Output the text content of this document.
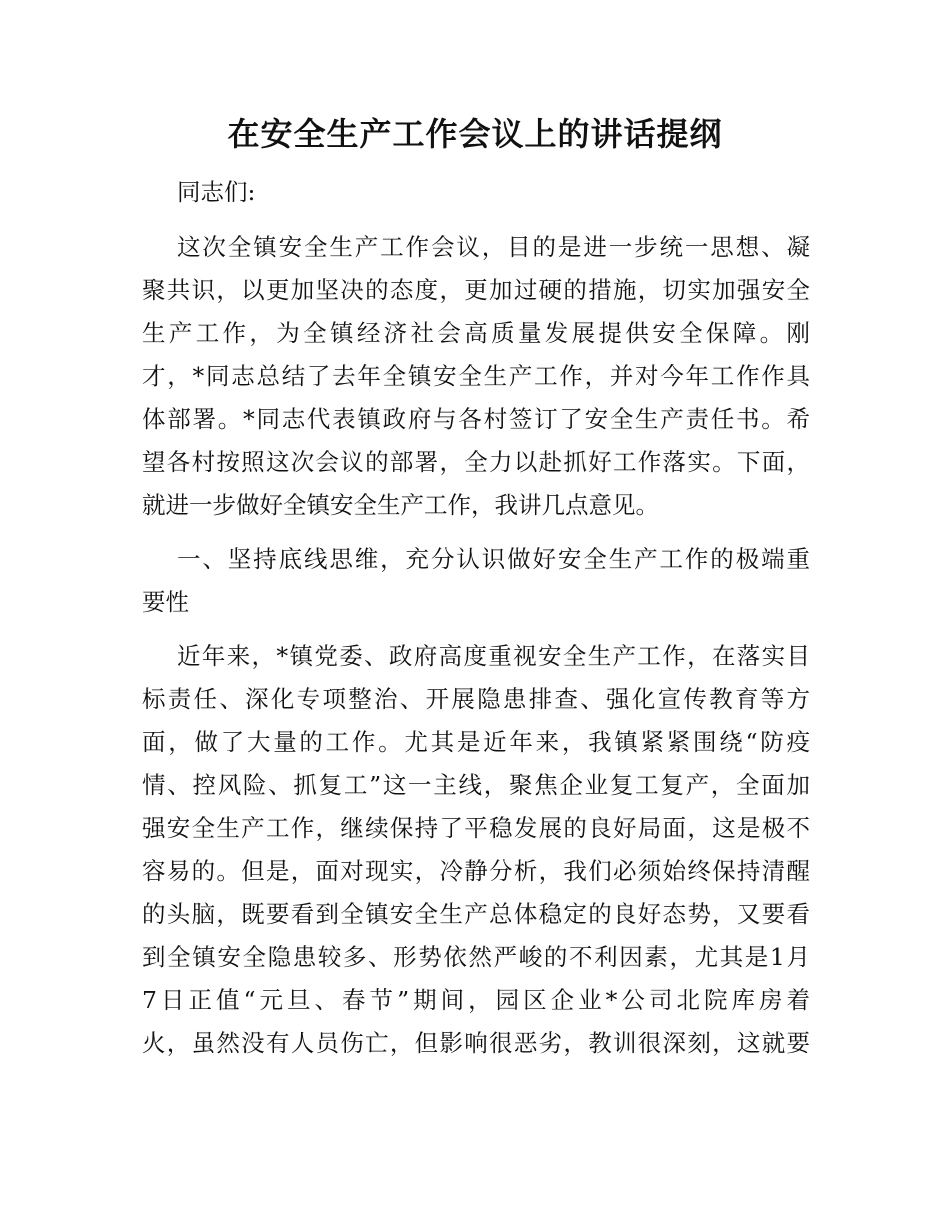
在安全生产工作会议上的讲话提纲
同志们:
这次全镇安全生产工作会议，目的是进一步统一思想、凝
聚共识，以更加坚决的态度，更加过硬的措施，切实加强安全
生产工作，为全镇经济社会高质量发展提供安全保障。刚
才，*同志总结了去年全镇安全生产工作，并对今年工作作具
体部署。*同志代表镇政府与各村签订了安全生产责任书。希
望各村按照这次会议的部署，全力以赴抓好工作落实。下面，
就进一步做好全镇安全生产工作，我讲几点意见。
一、坚持底线思维，充分认识做好安全生产工作的极端重
要性
近年来，*镇党委、政府高度重视安全生产工作，在落实目
标责任、深化专项整治、开展隐患排查、强化宣传教育等方
面，做了大量的工作。尤其是近年来，我镇紧紧围绕“防疫
情、控风险、抓复工”这一主线，聚焦企业复工复产，全面加
强安全生产工作，继续保持了平稳发展的良好局面，这是极不
容易的。但是，面对现实，冷静分析，我们必须始终保持清醒
的头脑，既要看到全镇安全生产总体稳定的良好态势，又要看
到全镇安全隐患较多、形势依然严峻的不利因素，尤其是1月
7日正值“元旦、春节”期间，园区企业*公司北院库房着
火，虽然没有人员伤亡，但影响很恶劣，教训很深刻，这就要
